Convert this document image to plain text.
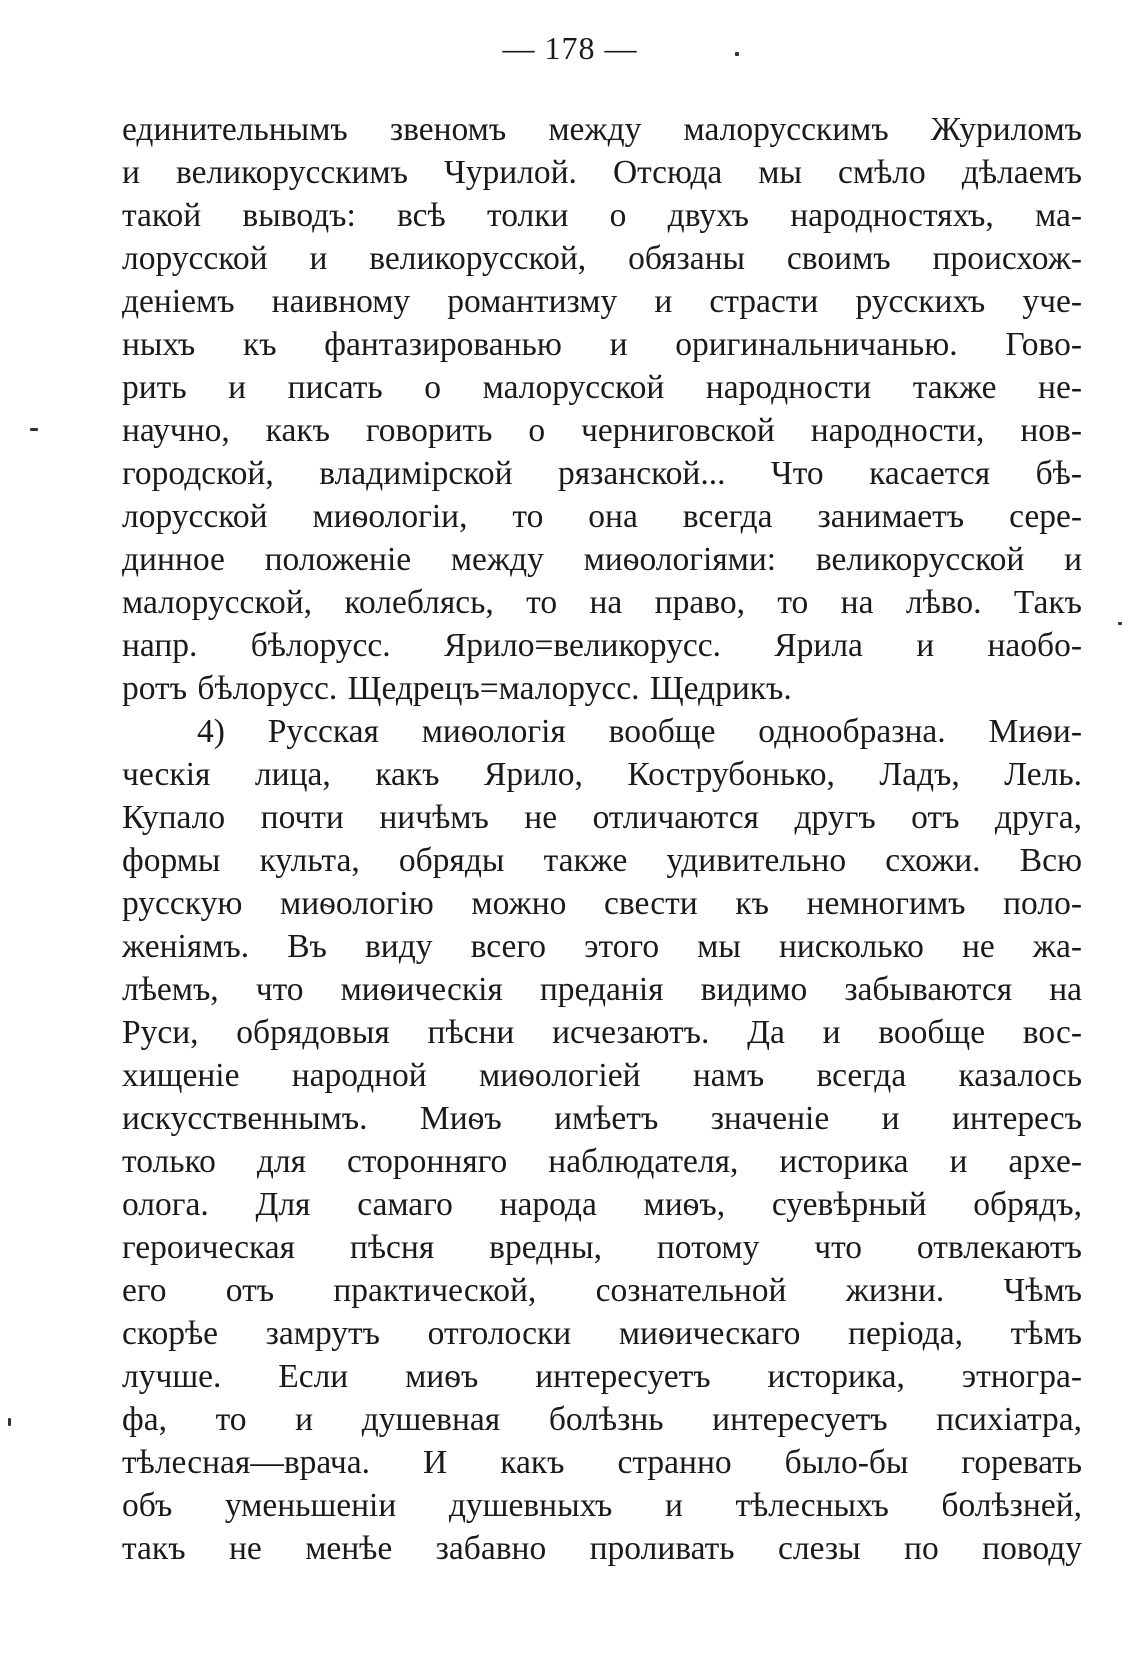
— 178 —
единительнымъ звеномъ между малорусскимъ Журиломъ
и великорусскимъ Чурилой. Отсюда мы смѣло дѣлаемъ
такой выводъ: всѣ толки о двухъ народностяхъ, ма-
лорусской и великорусской, обязаны своимъ происхож-
деніемъ наивному романтизму и страсти русскихъ уче-
ныхъ къ фантазированью и оригинальничанью. Гово-
рить и писать о малорусской народности также не-
научно, какъ говорить о черниговской народности, нов-
городской, владимірской рязанской... Что касается бѣ-
лорусской миѳологіи, то она всегда занимаетъ сере-
динное положеніе между миѳологіями: великорусской и
малорусской, колеблясь, то на право, то на лѣво. Такъ
напр. бѣлорусс. Ярило=великорусс. Ярила и наобо-
ротъ бѣлорусс. Щедрецъ=малорусс. Щедрикъ.
4) Русская миѳологія вообще однообразна. Миѳи-
ческія лица, какъ Ярило, Кострубонько, Ладъ, Лель.
Купало почти ничѣмъ не отличаются другъ отъ друга,
формы культа, обряды также удивительно схожи. Всю
русскую миѳологію можно свести къ немногимъ поло-
женіямъ. Въ виду всего этого мы нисколько не жа-
лѣемъ, что миѳическія преданія видимо забываются на
Руси, обрядовыя пѣсни исчезаютъ. Да и вообще вос-
хищеніе народной миѳологіей намъ всегда казалось
искусственнымъ. Миѳъ имѣетъ значеніе и интересъ
только для сторонняго наблюдателя, историка и архе-
олога. Для самаго народа миѳъ, суевѣрный обрядъ,
героическая пѣсня вредны, потому что отвлекаютъ
его отъ практической, сознательной жизни. Чѣмъ
скорѣе замрутъ отголоски миѳическаго періода, тѣмъ
лучше. Если миѳъ интересуетъ историка, этногра-
фа, то и душевная болѣзнь интересуетъ психіатра,
тѣлесная—врача. И какъ странно было-бы горевать
объ уменьшеніи душевныхъ и тѣлесныхъ болѣзней,
такъ не менѣе забавно проливать слезы по поводу
